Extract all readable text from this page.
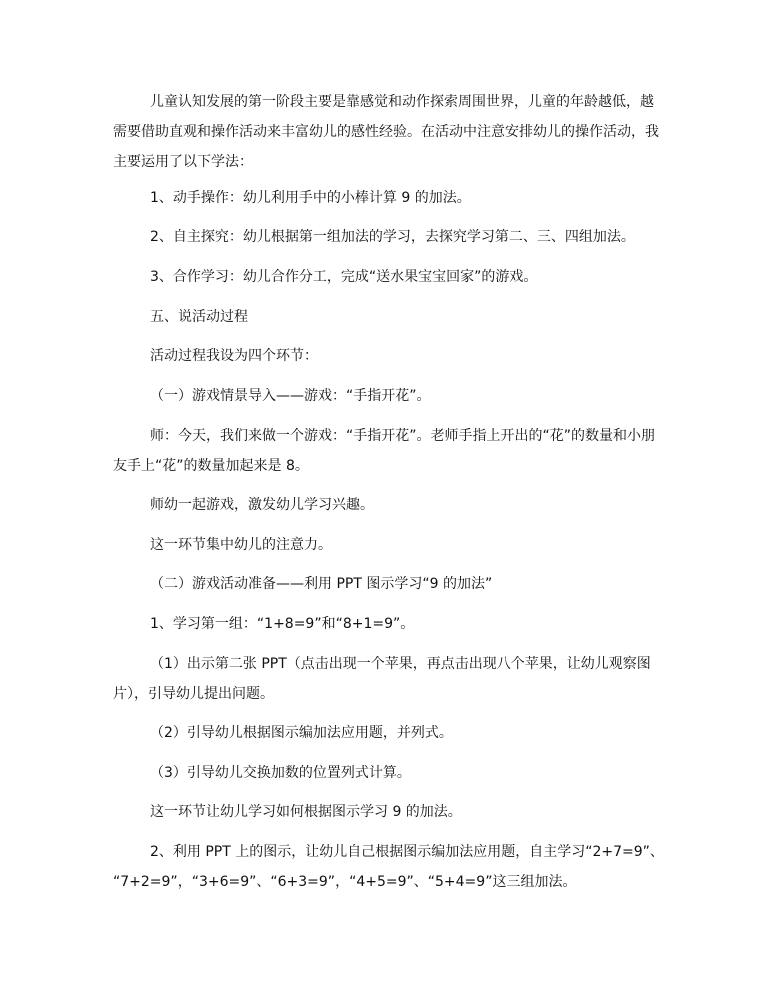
儿童认知发展的第一阶段主要是靠感觉和动作探索周围世界，儿童的年龄越低，越
需要借助直观和操作活动来丰富幼儿的感性经验。在活动中注意安排幼儿的操作活动，我
主要运用了以下学法：
1、动手操作：幼儿利用手中的小棒计算 9 的加法。
2、自主探究：幼儿根据第一组加法的学习，去探究学习第二、三、四组加法。
3、合作学习：幼儿合作分工，完成“送水果宝宝回家”的游戏。
五、说活动过程
活动过程我设为四个环节：
（一）游戏情景导入——游戏：“手指开花”。
师：今天，我们来做一个游戏：“手指开花”。老师手指上开出的“花”的数量和小朋
友手上“花”的数量加起来是 8。
师幼一起游戏，激发幼儿学习兴趣。
这一环节集中幼儿的注意力。
（二）游戏活动准备——利用 PPT 图示学习“9 的加法”
1、学习第一组：“1+8=9”和“8+1=9”。
（1）出示第二张 PPT（点击出现一个苹果，再点击出现八个苹果，让幼儿观察图
片），引导幼儿提出问题。
（2）引导幼儿根据图示编加法应用题，并列式。
（3）引导幼儿交换加数的位置列式计算。
这一环节让幼儿学习如何根据图示学习 9 的加法。
2、利用 PPT 上的图示，让幼儿自己根据图示编加法应用题，自主学习“2+7=9”、
“7+2=9”，“3+6=9”、“6+3=9”，“4+5=9”、“5+4=9”这三组加法。
